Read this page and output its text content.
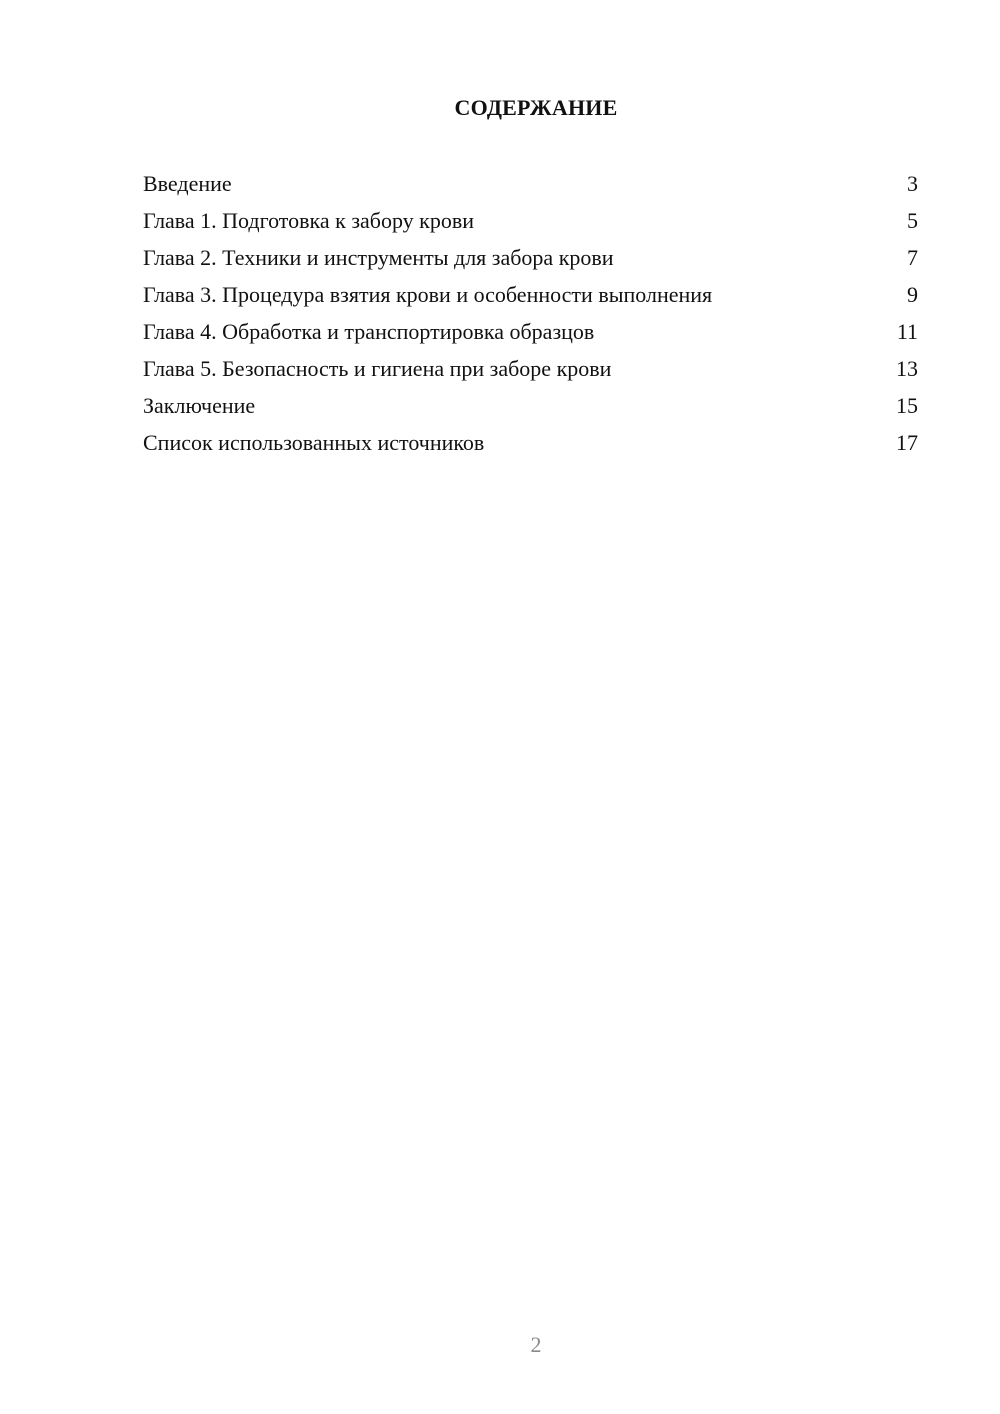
СОДЕРЖАНИЕ
Введение	3
Глава 1. Подготовка к забору крови	5
Глава 2. Техники и инструменты для забора крови	7
Глава 3. Процедура взятия крови и особенности выполнения	9
Глава 4. Обработка и транспортировка образцов	11
Глава 5. Безопасность и гигиена при заборе крови	13
Заключение	15
Список использованных источников	17
2
